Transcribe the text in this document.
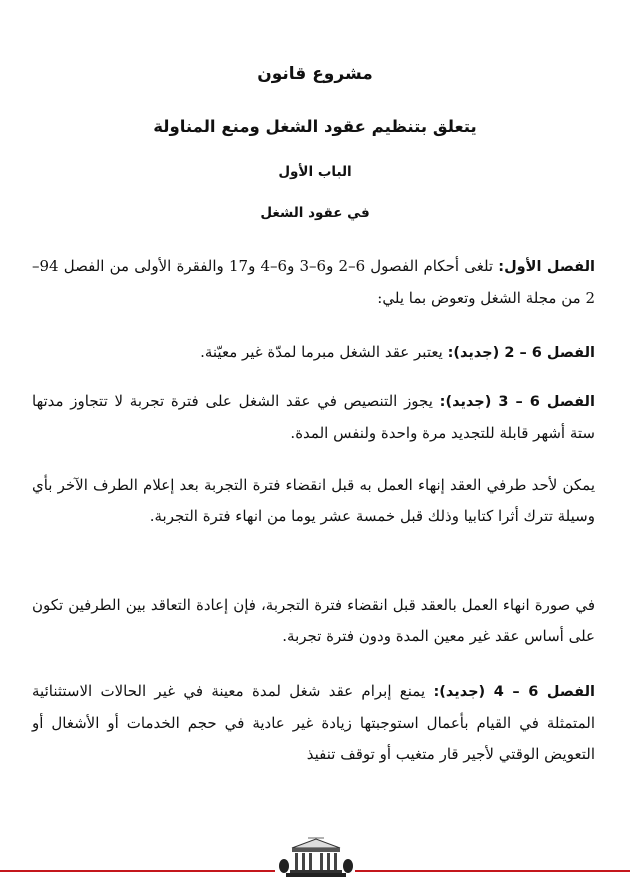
مشروع قانون
يتعلق بتنظيم عقود الشغل ومنع المناولة
الباب الأول
في عقود الشغل
الفصل الأول: تلغى أحكام الفصول 6–2 و6–3 و6–4 و17 والفقرة الأولى من الفصل 94–2 من مجلة الشغل وتعوض بما يلي:
الفصل 6 – 2 (جديد): يعتبر عقد الشغل مبرما لمدّة غير معيّنة.
الفصل 6 – 3 (جديد): يجوز التنصيص في عقد الشغل على فترة تجربة لا تتجاوز مدتها ستة أشهر قابلة للتجديد مرة واحدة ولنفس المدة.
يمكن لأحد طرفي العقد إنهاء العمل به قبل انقضاء فترة التجربة بعد إعلام الطرف الآخر بأي وسيلة تترك أثرا كتابيا وذلك قبل خمسة عشر يوما من انهاء فترة التجربة.
في صورة انهاء العمل بالعقد قبل انقضاء فترة التجربة، فإن إعادة التعاقد بين الطرفين تكون على أساس عقد غير معين المدة ودون فترة تجربة.
الفصل 6 – 4 (جديد): يمنع إبرام عقد شغل لمدة معينة في غير الحالات الاستثنائية المتمثلة في القيام بأعمال استوجبتها زيادة غير عادية في حجم الخدمات أو الأشغال أو التعويض الوقتي لأجير قار متغيب أو توقف تنفيذ
